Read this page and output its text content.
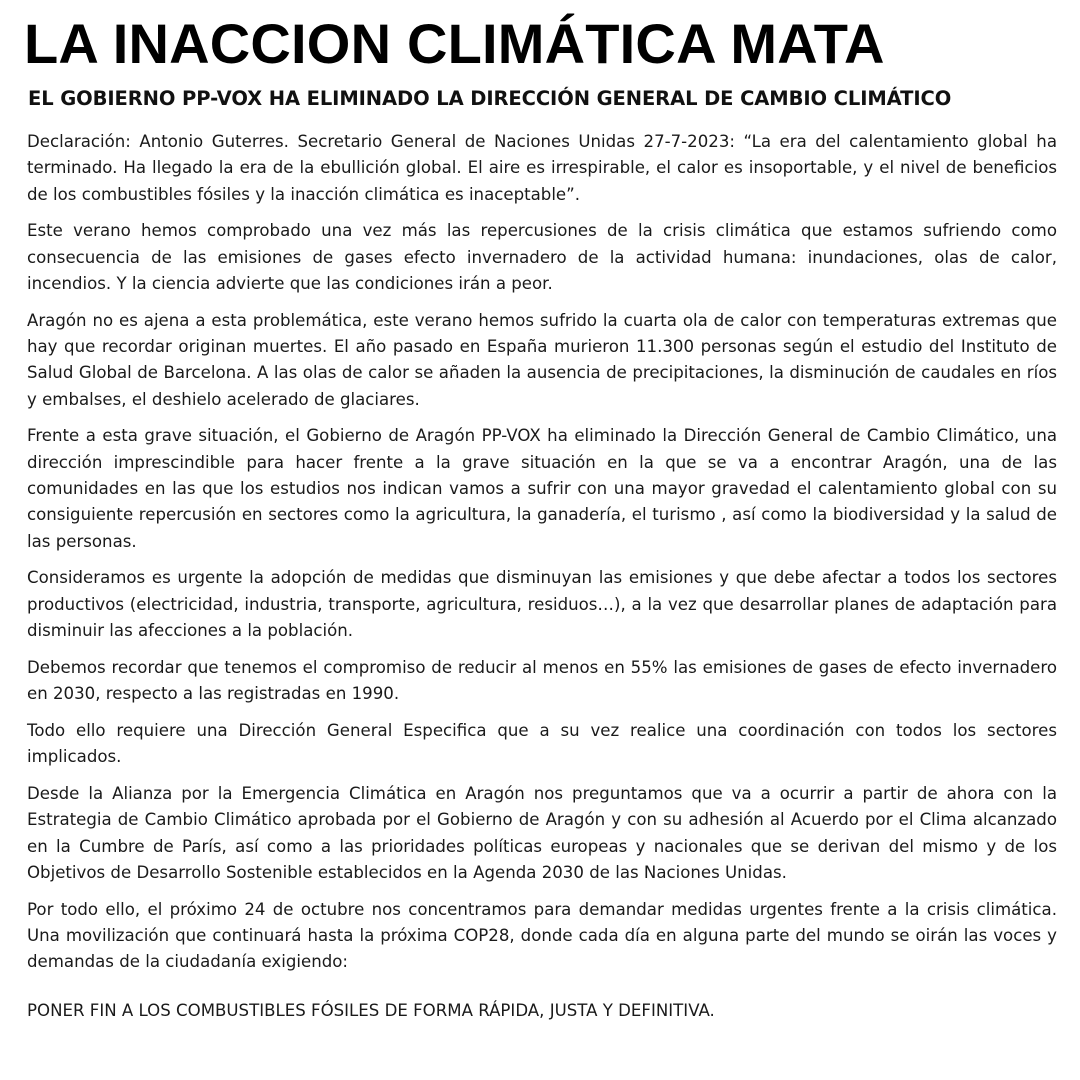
LA INACCION CLIMÁTICA MATA
EL GOBIERNO PP-VOX HA ELIMINADO LA DIRECCIÓN GENERAL DE CAMBIO CLIMÁTICO

Declaración: Antonio Guterres. Secretario General de Naciones Unidas 27-7-2023: “La era del calentamiento global ha terminado. Ha llegado la era de la ebullición global. El aire es irrespirable, el calor es insoportable, y el nivel de beneficios de los combustibles fósiles y la inacción climática es inaceptable”.

Este verano hemos comprobado una vez más las repercusiones de la crisis climática que estamos sufriendo como consecuencia de las emisiones de gases efecto invernadero de la actividad humana: inundaciones, olas de calor, incendios. Y la ciencia advierte que las condiciones irán a peor.

Aragón no es ajena a esta problemática, este verano hemos sufrido la cuarta ola de calor con temperaturas extremas que hay que recordar originan muertes. El año pasado en España murieron 11.300 personas según el estudio del Instituto de Salud Global de Barcelona. A las olas de calor se añaden la ausencia de precipitaciones, la disminución de caudales en ríos y embalses, el deshielo acelerado de glaciares.

Frente a esta grave situación, el Gobierno de Aragón PP-VOX ha eliminado la Dirección General de Cambio Climático, una dirección imprescindible para hacer frente a la grave situación en la que se va a encontrar Aragón, una de las comunidades en las que los estudios nos indican vamos a sufrir con una mayor gravedad el calentamiento global con su consiguiente repercusión en sectores como la agricultura, la ganadería, el turismo , así como la biodiversidad y la salud de las personas.

Consideramos es urgente la adopción de medidas que disminuyan las emisiones y que debe afectar a todos los sectores productivos (electricidad, industria, transporte, agricultura, residuos…), a la vez que desarrollar planes de adaptación para disminuir las afecciones a la población.

Debemos recordar que tenemos el compromiso de reducir al menos en 55% las emisiones de gases de efecto invernadero en 2030, respecto a las registradas en 1990.

Todo ello requiere una Dirección General Especifica que a su vez realice una coordinación con todos los sectores implicados.

Desde la Alianza por la Emergencia Climática en Aragón nos preguntamos que va a ocurrir a partir de ahora con la Estrategia de Cambio Climático aprobada por el Gobierno de Aragón y con su adhesión al Acuerdo por el Clima alcanzado en la Cumbre de París, así como a las prioridades políticas europeas y nacionales que se derivan del mismo y de los Objetivos de Desarrollo Sostenible establecidos en la Agenda 2030 de las Naciones Unidas.

Por todo ello, el próximo 24 de octubre nos concentramos para demandar medidas urgentes frente a la crisis climática. Una movilización que continuará hasta la próxima COP28, donde cada día en alguna parte del mundo se oirán las voces y demandas de la ciudadanía exigiendo:

PONER FIN A LOS COMBUSTIBLES FÓSILES DE FORMA RÁPIDA, JUSTA Y DEFINITIVA.
